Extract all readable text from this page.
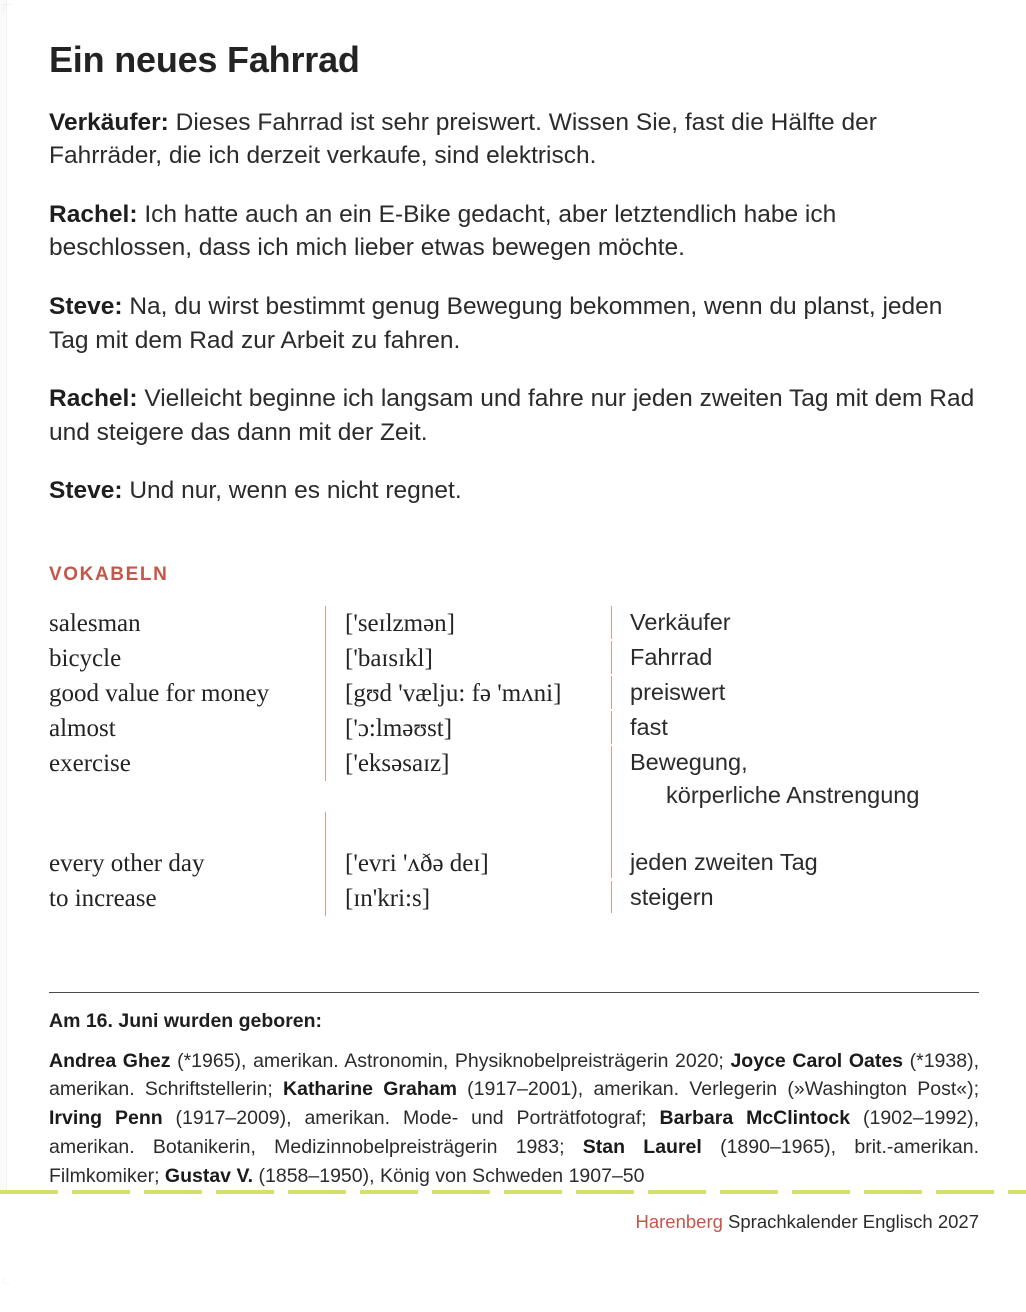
Ein neues Fahrrad

Verkäufer: Dieses Fahrrad ist sehr preiswert. Wissen Sie, fast die Hälfte der Fahrräder, die ich derzeit verkaufe, sind elektrisch.

Rachel: Ich hatte auch an ein E-Bike gedacht, aber letztendlich habe ich beschlossen, dass ich mich lieber etwas bewegen möchte.

Steve: Na, du wirst bestimmt genug Bewegung bekommen, wenn du planst, jeden Tag mit dem Rad zur Arbeit zu fahren.

Rachel: Vielleicht beginne ich langsam und fahre nur jeden zweiten Tag mit dem Rad und steigere das dann mit der Zeit.

Steve: Und nur, wenn es nicht regnet.

VOKABELN
salesman	['seɪlzmən]	Verkäufer
bicycle	['baɪsɪkl]	Fahrrad
good value for money	[gʊd 'vælju: fə 'mʌni]	preiswert
almost	['ɔ:lməʊst]	fast
exercise	['eksəsaɪz]	Bewegung,
körperliche Anstrengung

every other day	['evri 'ʌðə deɪ]	jeden zweiten Tag
to increase	[ɪn'kri:s]	steigern
Am 16. Juni wurden geboren:
Andrea Ghez (*1965), amerikan. Astronomin, Physiknobelpreisträgerin 2020; Joyce Carol Oates (*1938), amerikan. Schriftstellerin; Katharine Graham (1917–2001), amerikan. Verlegerin (»Washington Post«); Irving Penn (1917–2009), amerikan. Mode- und Porträtfotograf; Barbara McClintock (1902–1992), amerikan. Botanikerin, Medizinnobelpreisträgerin 1983; Stan Laurel (1890–1965), brit.-amerikan. Filmkomiker; Gustav V. (1858–1950), König von Schweden 1907–50
Harenberg Sprachkalender Englisch 2027
